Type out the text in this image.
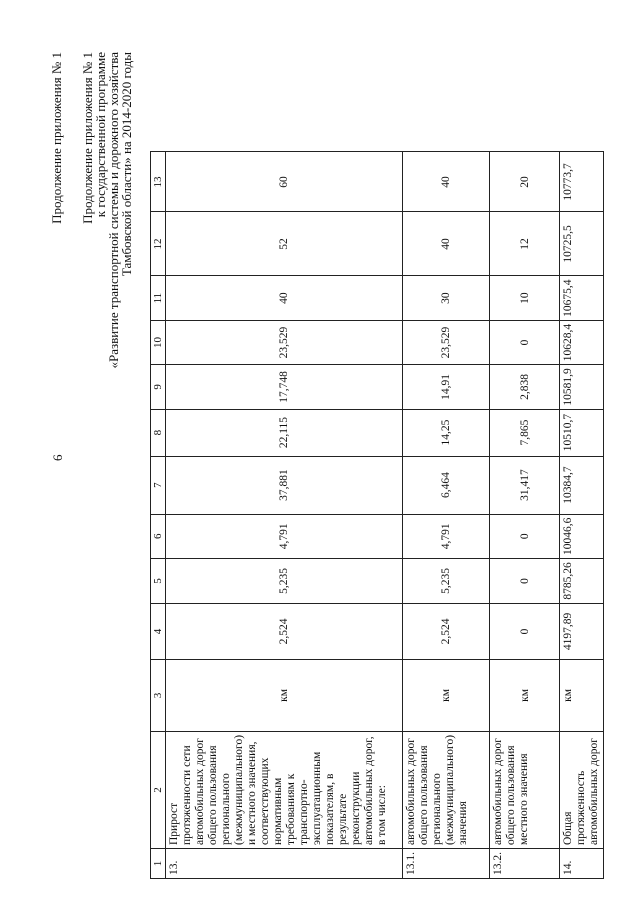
6
Продолжение приложения № 1 Продолжение приложения № 1
к государственной программе
«Развитие транспортной системы и дорожного хозяйства
Тамбовской области» на 2014-2020 годы
1	2	3	4	5	6	7	8	9	10	11	12	13
13.	Прирост протяженности сети автомобильных дорог общего пользования регионального (межмуниципального) и местного значения, соответствующих нормативным требованиям к транспортно-эксплуатационным показателям, в результате реконструкции автомобильных дорог, в том числе:	км	2,524	5,235	4,791	37,881	22,115	17,748	23,529	40	52	60
13.1.	автомобильных дорог общего пользования регионального (межмуниципального) значения	км	2,524	5,235	4,791	6,464	14,25	14,91	23,529	30	40	40
13.2.	автомобильных дорог общего пользования местного значения	км	0	0	0	31,417	7,865	2,838	0	10	12	20
14.	Общая протяженность автомобильных дорог	км	4197,89	8785,26	10046,6	10384,7	10510,7	10581,9	10628,4	10675,4	10725,5	10773,7
